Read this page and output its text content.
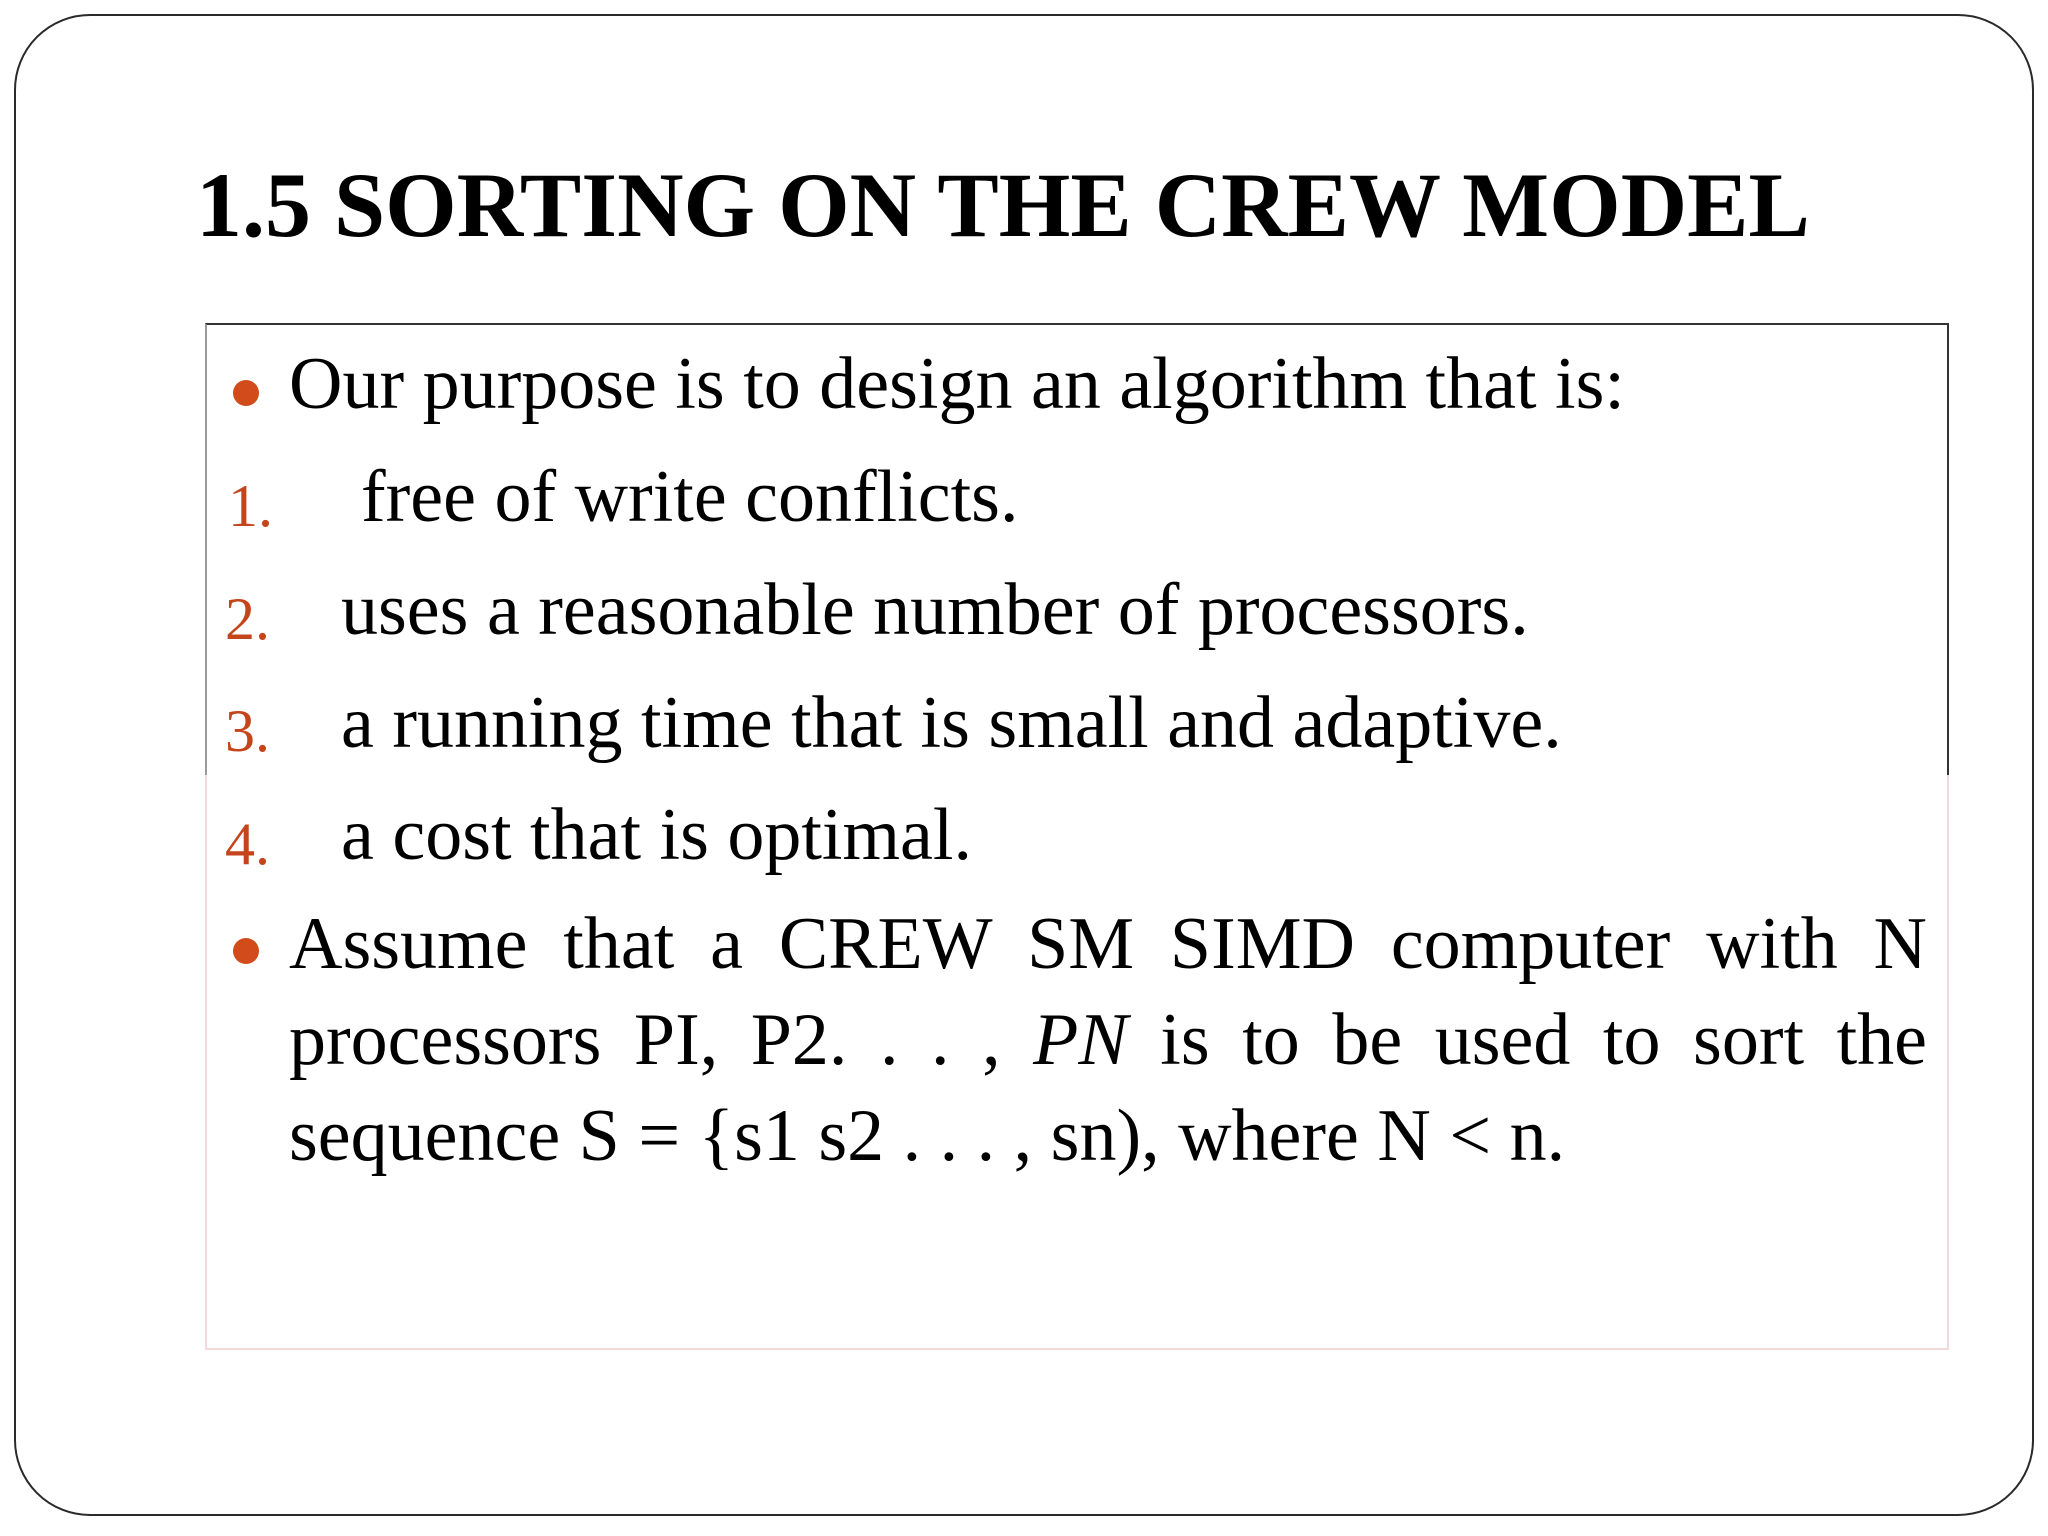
1.5 SORTING ON THE CREW MODEL
Our purpose is to design an algorithm that is:
1. free of write conflicts.
2. uses a reasonable number of processors.
3. a running time that is small and adaptive.
4. a cost that is optimal.

Assume that a CREW SM SIMD computer with N processors PI, P2. . . , PN is to be used to sort the sequence S = {s1 s2 . . . , sn), where N < n.
